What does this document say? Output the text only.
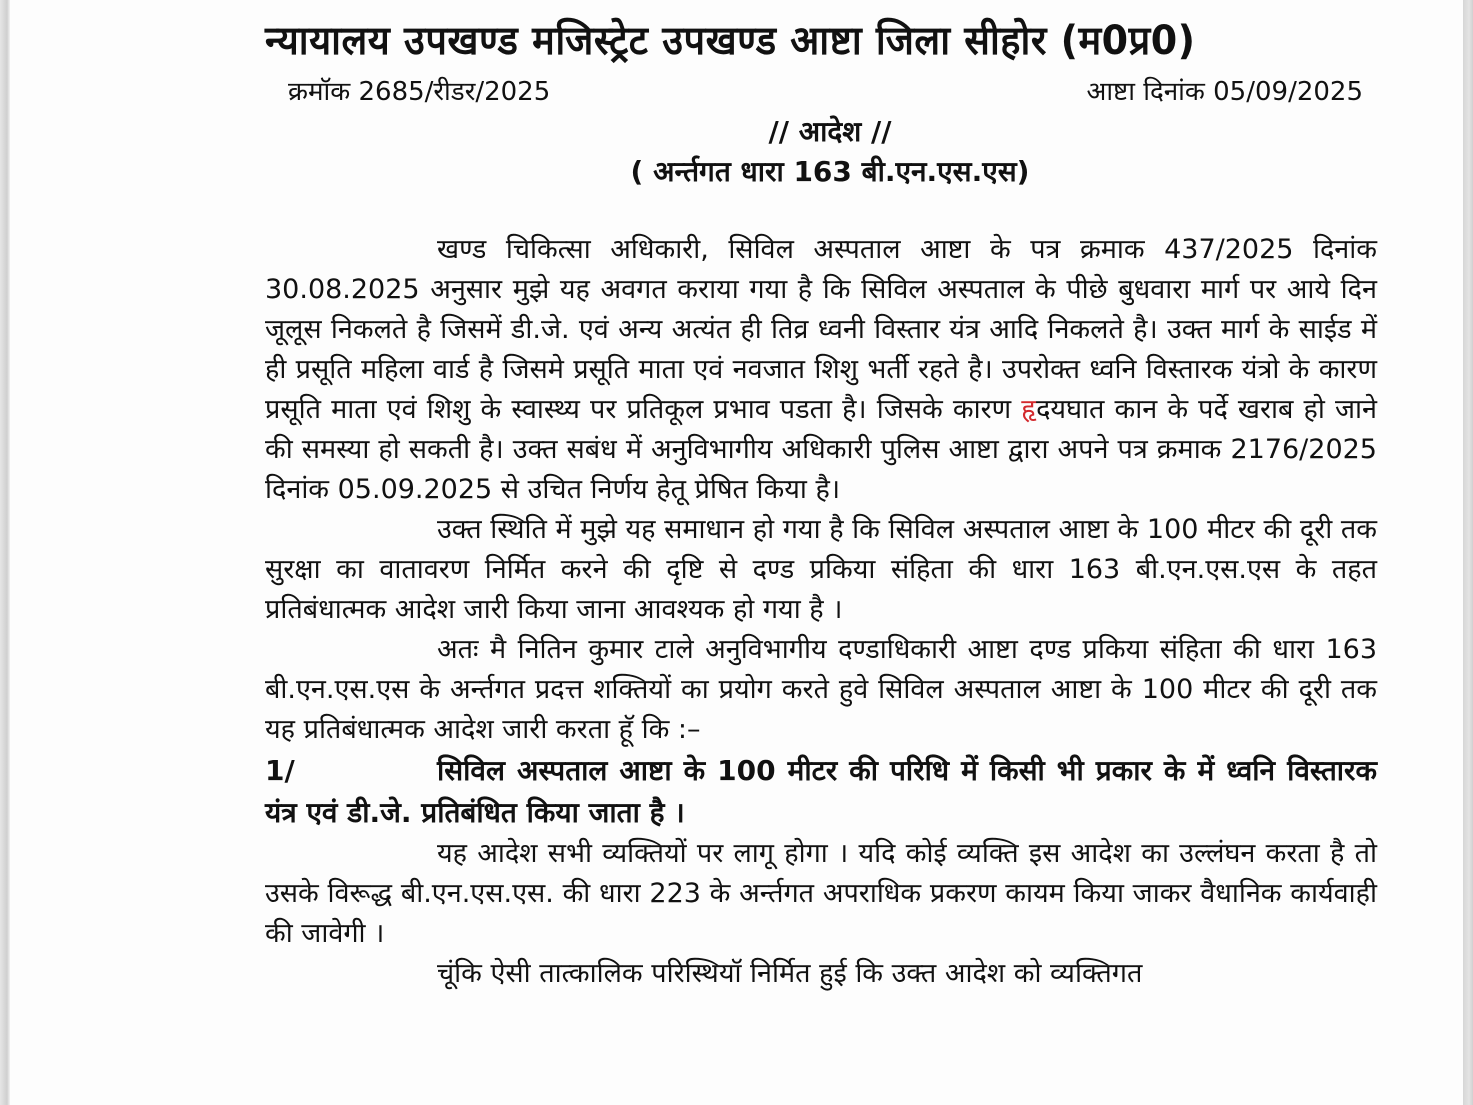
न्यायालय उपखण्ड मजिस्ट्रेट उपखण्ड आष्टा जिला सीहोर (म0प्र0)
क्रमॉक 2685/रीडर/2025	आष्टा दिनांक 05/09/2025
// आदेश //
( अर्न्तगत धारा 163 बी.एन.एस.एस)

खण्ड चिकित्सा अधिकारी, सिविल अस्पताल आष्टा के पत्र क्रमाक 437/2025 दिनांक 30.08.2025 अनुसार मुझे यह अवगत कराया गया है कि सिविल अस्पताल के पीछे बुधवारा मार्ग पर आये दिन जूलूस निकलते है जिसमें डी.जे. एवं अन्य अत्यंत ही तिव्र ध्वनी विस्तार यंत्र आदि निकलते है। उक्त मार्ग के साईड में ही प्रसूति महिला वार्ड है जिसमे प्रसूति माता एवं नवजात शिशु भर्ती रहते है। उपरोक्त ध्वनि विस्तारक यंत्रो के कारण प्रसूति माता एवं शिशु के स्वास्थ्य पर प्रतिकूल प्रभाव पडता है। जिसके कारण हृदयघात कान के पर्दे खराब हो जाने की समस्या हो सकती है। उक्त सबंध में अनुविभागीय अधिकारी पुलिस आष्टा द्वारा अपने पत्र क्रमाक 2176/2025 दिनांक 05.09.2025 से उचित निर्णय हेतू प्रेषित किया है।

उक्त स्थिति में मुझे यह समाधान हो गया है कि सिविल अस्पताल आष्टा के 100 मीटर की दूरी तक सुरक्षा का वातावरण निर्मित करने की दृष्टि से दण्ड प्रकिया संहिता की धारा 163 बी.एन.एस.एस के तहत प्रतिबंधात्मक आदेश जारी किया जाना आवश्यक हो गया है ।

अतः मै नितिन कुमार टाले अनुविभागीय दण्डाधिकारी आष्टा दण्ड प्रकिया संहिता की धारा 163 बी.एन.एस.एस के अर्न्तगत प्रदत्त शक्तियों का प्रयोग करते हुवे सिविल अस्पताल आष्टा के 100 मीटर की दूरी तक यह प्रतिबंधात्मक आदेश जारी करता हूॅ कि :–

1/	सिविल अस्पताल आष्टा के 100 मीटर की परिधि में किसी भी प्रकार के में ध्वनि विस्तारक यंत्र एवं डी.जे. प्रतिबंधित किया जाता है ।

यह आदेश सभी व्यक्तियों पर लागू होगा । यदि कोई व्यक्ति इस आदेश का उल्लंघन करता है तो उसके विरूद्ध बी.एन.एस.एस. की धारा 223 के अर्न्तगत अपराधिक प्रकरण कायम किया जाकर वैधानिक कार्यवाही की जावेगी ।

चूंकि ऐसी तात्कालिक परिस्थियॉ निर्मित हुई कि उक्त आदेश को व्यक्तिगत
